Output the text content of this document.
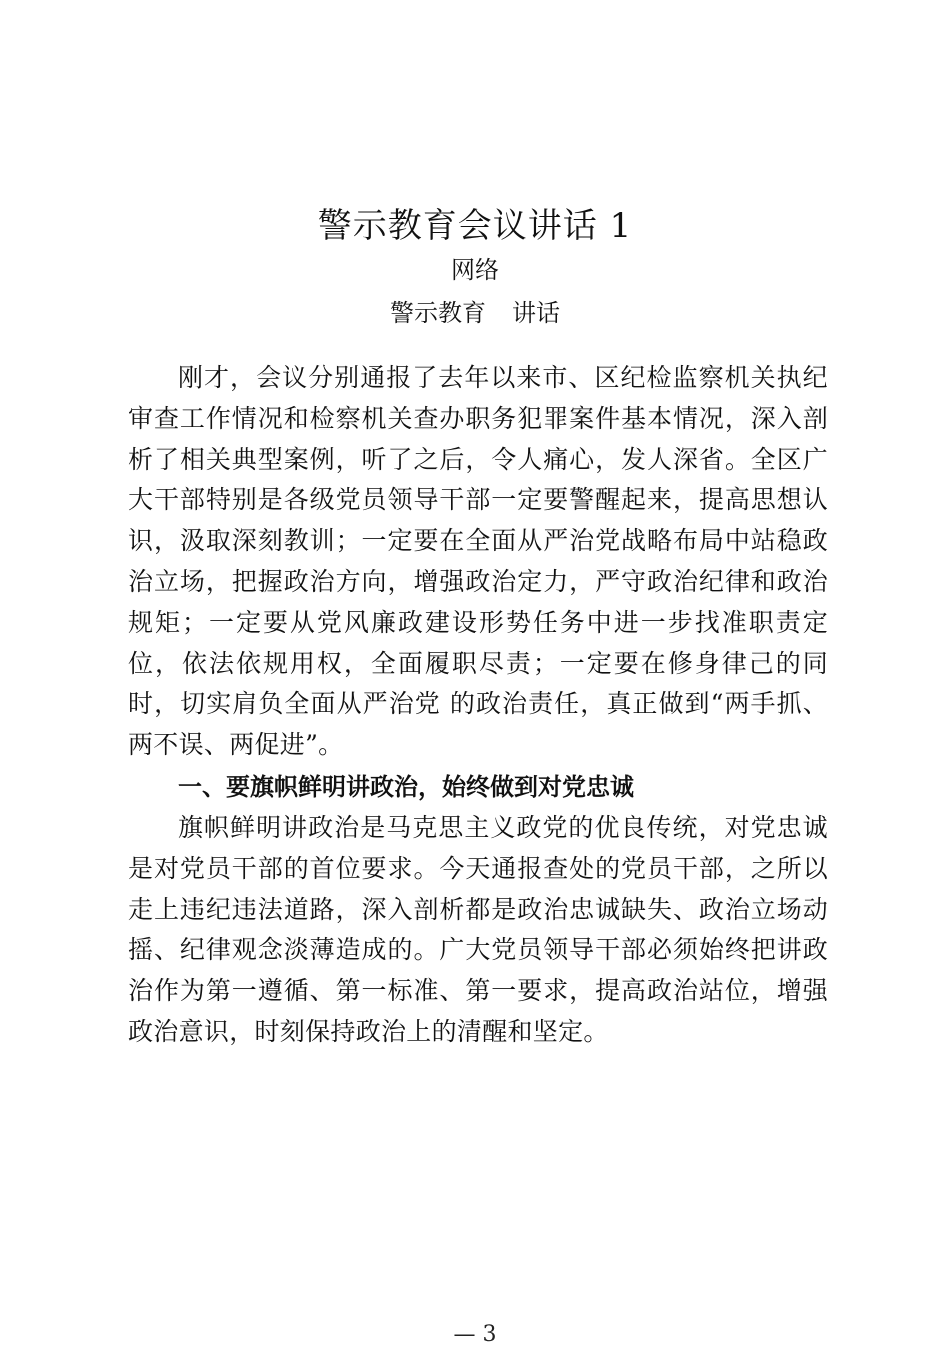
警示教育会议讲话 1
网络
警示教育 讲话

刚才，会议分别通报了去年以来市、区纪检监察机关执纪审查工作情况和检察机关查办职务犯罪案件基本情况，深入剖析了相关典型案例，听了之后，令人痛心，发人深省。全区广大干部特别是各级党员领导干部一定要警醒起来，提高思想认识，汲取深刻教训；一定要在全面从严治党战略布局中站稳政治立场，把握政治方向，增强政治定力，严守政治纪律和政治规矩；一定要从党风廉政建设形势任务中进一步找准职责定位，依法依规用权，全面履职尽责；一定要在修身律己的同时，切实肩负全面从严治党 的政治责任，真正做到“两手抓、两不误、两促进”。

一、要旗帜鲜明讲政治，始终做到对党忠诚

旗帜鲜明讲政治是马克思主义政党的优良传统，对党忠诚是对党员干部的首位要求。今天通报查处的党员干部，之所以 走上违纪违法道路，深入剖析都是政治忠诚缺失、政治立场动 摇、纪律观念淡薄造成的。广大党员领导干部必须始终把讲政 治作为第一遵循、第一标准、第一要求，提高政治站位，增强 政治意识，时刻保持政治上的清醒和坚定。

— 3
